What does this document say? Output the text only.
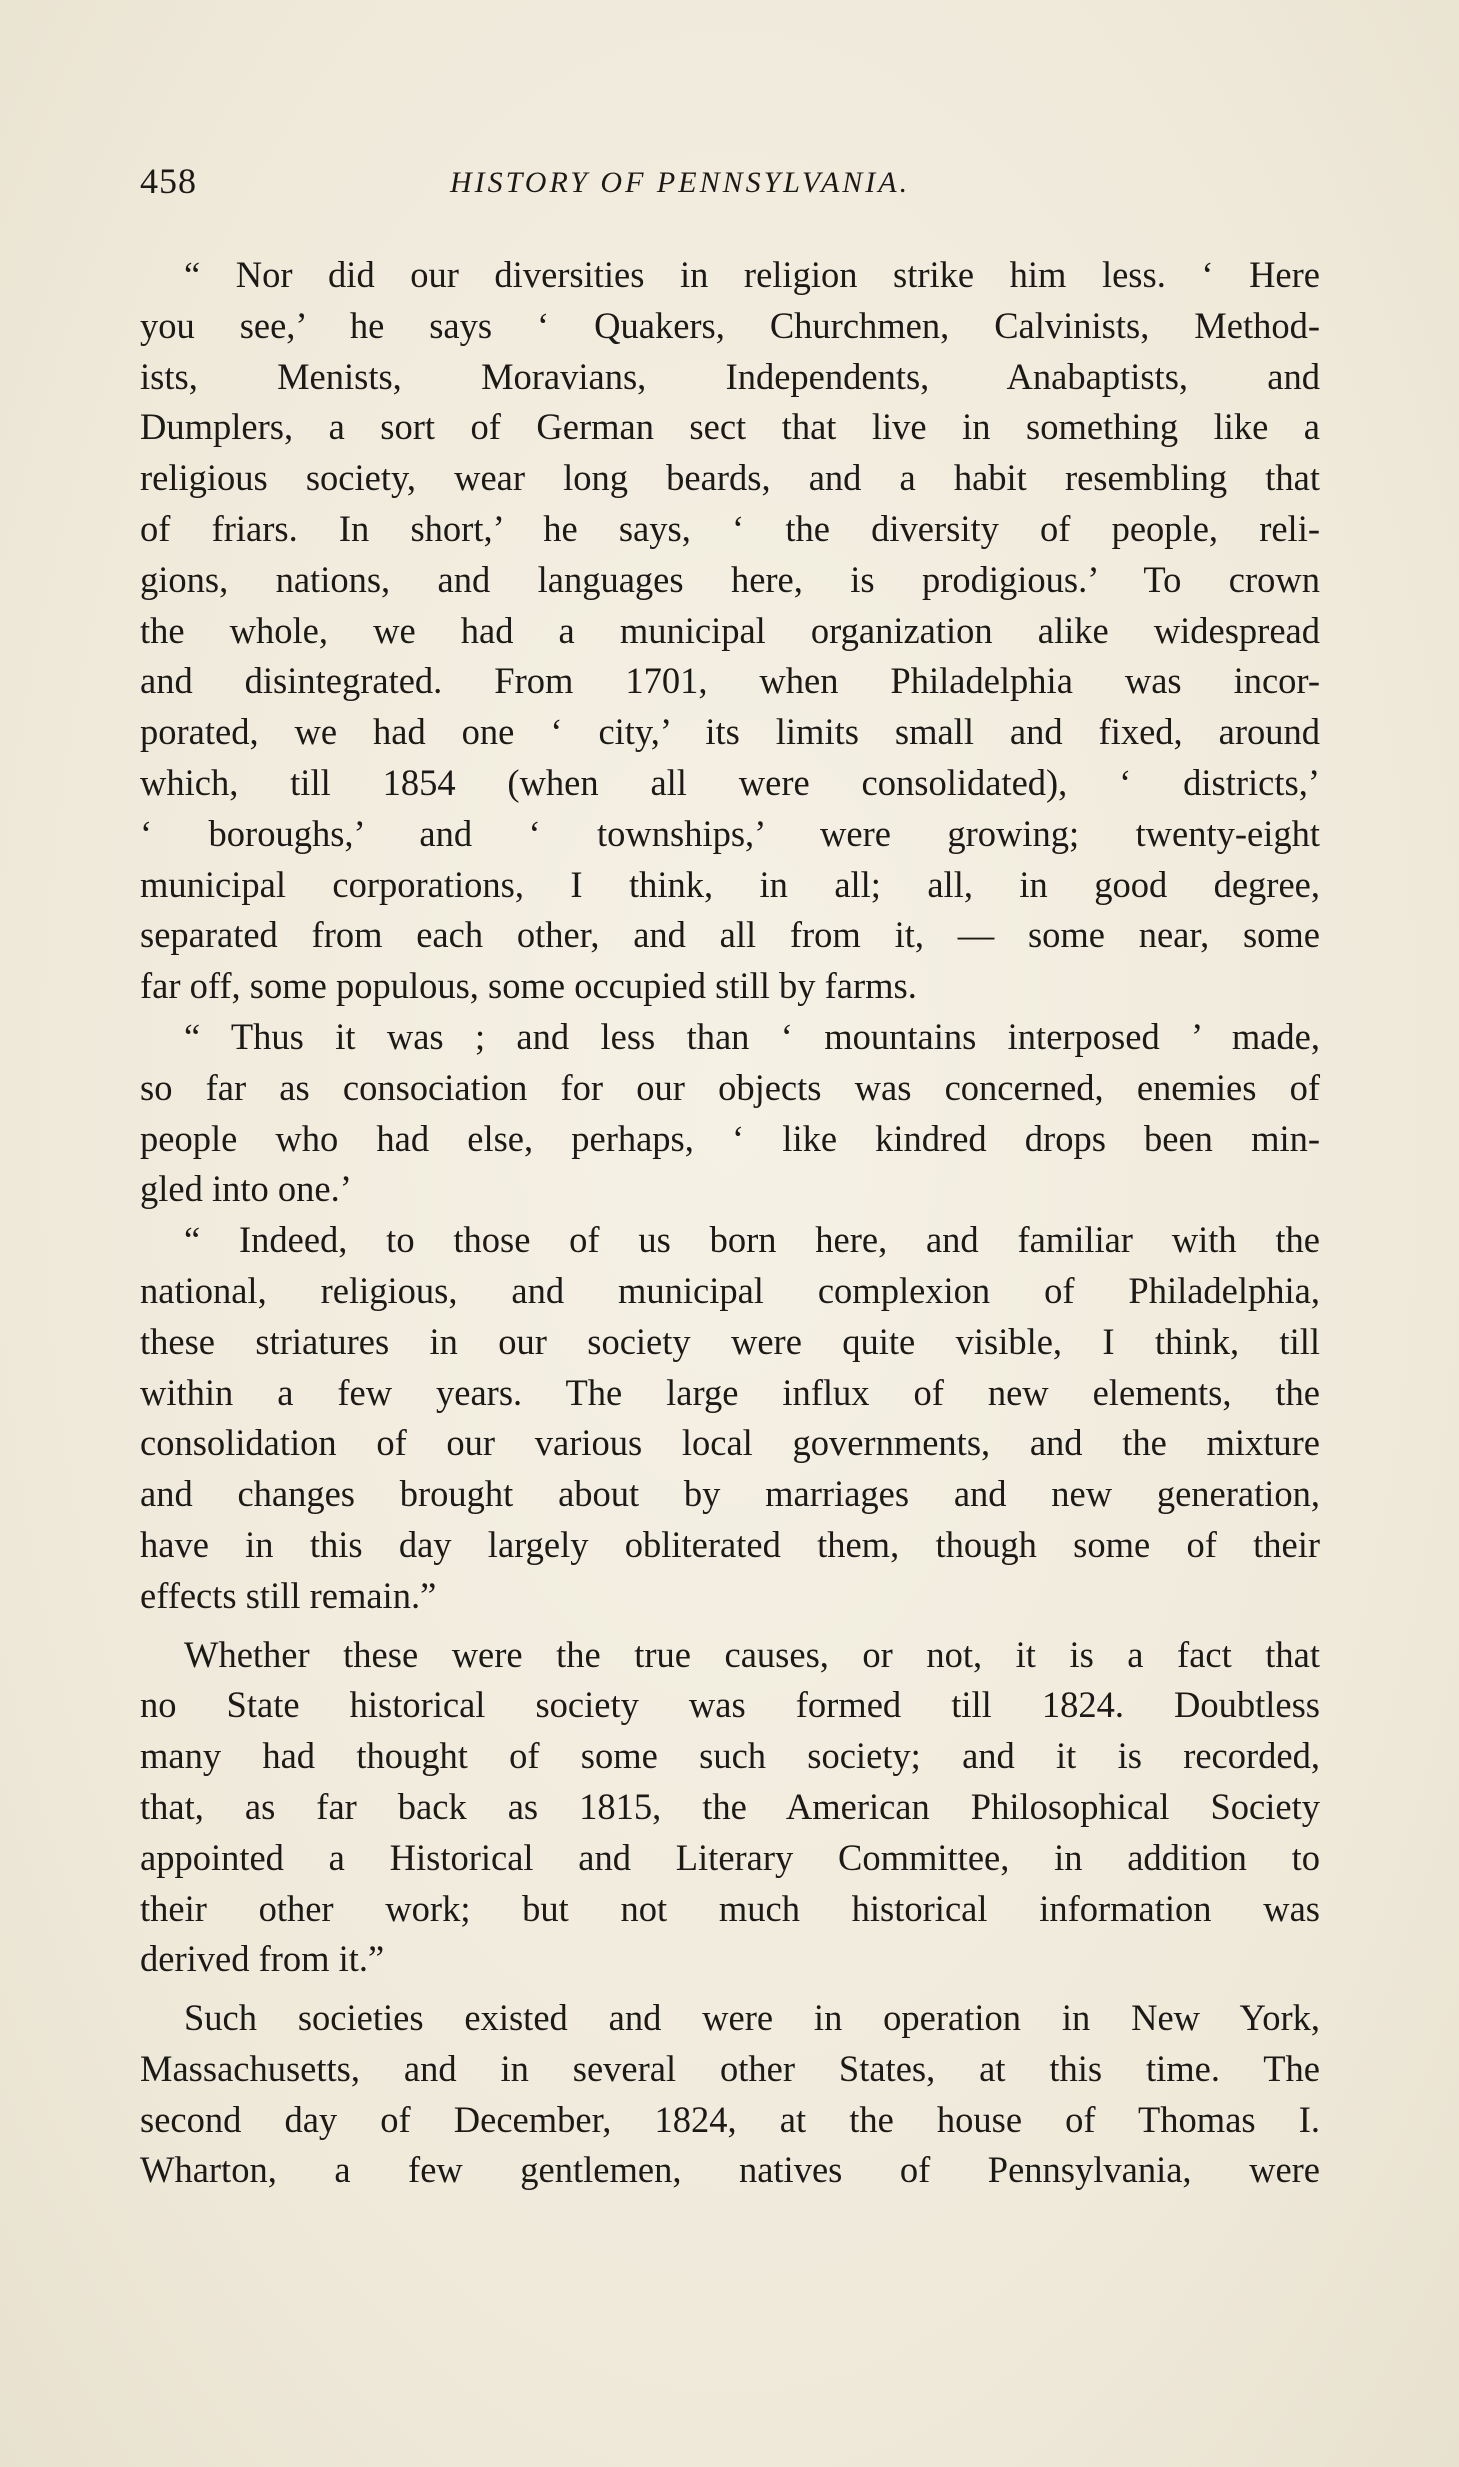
458	HISTORY OF PENNSYLVANIA.
“ Nor did our diversities in religion strike him less. ‘ Here
you see,’ he says ‘ Quakers, Churchmen, Calvinists, Method-
ists, Menists, Moravians, Independents, Anabaptists, and
Dumplers, a sort of German sect that live in something like a
religious society, wear long beards, and a habit resembling that
of friars. In short,’ he says, ‘ the diversity of people, reli-
gions, nations, and languages here, is prodigious.’ To crown
the whole, we had a municipal organization alike widespread
and disintegrated. From 1701, when Philadelphia was incor-
porated, we had one ‘ city,’ its limits small and fixed, around
which, till 1854 (when all were consolidated), ‘ districts,’
‘ boroughs,’ and ‘ townships,’ were growing; twenty-eight
municipal corporations, I think, in all; all, in good degree,
separated from each other, and all from it, — some near, some
far off, some populous, some occupied still by farms.
“ Thus it was ; and less than ‘ mountains interposed ’ made,
so far as consociation for our objects was concerned, enemies of
people who had else, perhaps, ‘ like kindred drops been min-
gled into one.’
“ Indeed, to those of us born here, and familiar with the
national, religious, and municipal complexion of Philadelphia,
these striatures in our society were quite visible, I think, till
within a few years. The large influx of new elements, the
consolidation of our various local governments, and the mixture
and changes brought about by marriages and new generation,
have in this day largely obliterated them, though some of their
effects still remain.”
Whether these were the true causes, or not, it is a fact that
no State historical society was formed till 1824. Doubtless
many had thought of some such society; and it is recorded,
that, as far back as 1815, the American Philosophical Society
appointed a Historical and Literary Committee, in addition to
their other work; but not much historical information was
derived from it.”
Such societies existed and were in operation in New York,
Massachusetts, and in several other States, at this time. The
second day of December, 1824, at the house of Thomas I.
Wharton, a few gentlemen, natives of Pennsylvania, were
